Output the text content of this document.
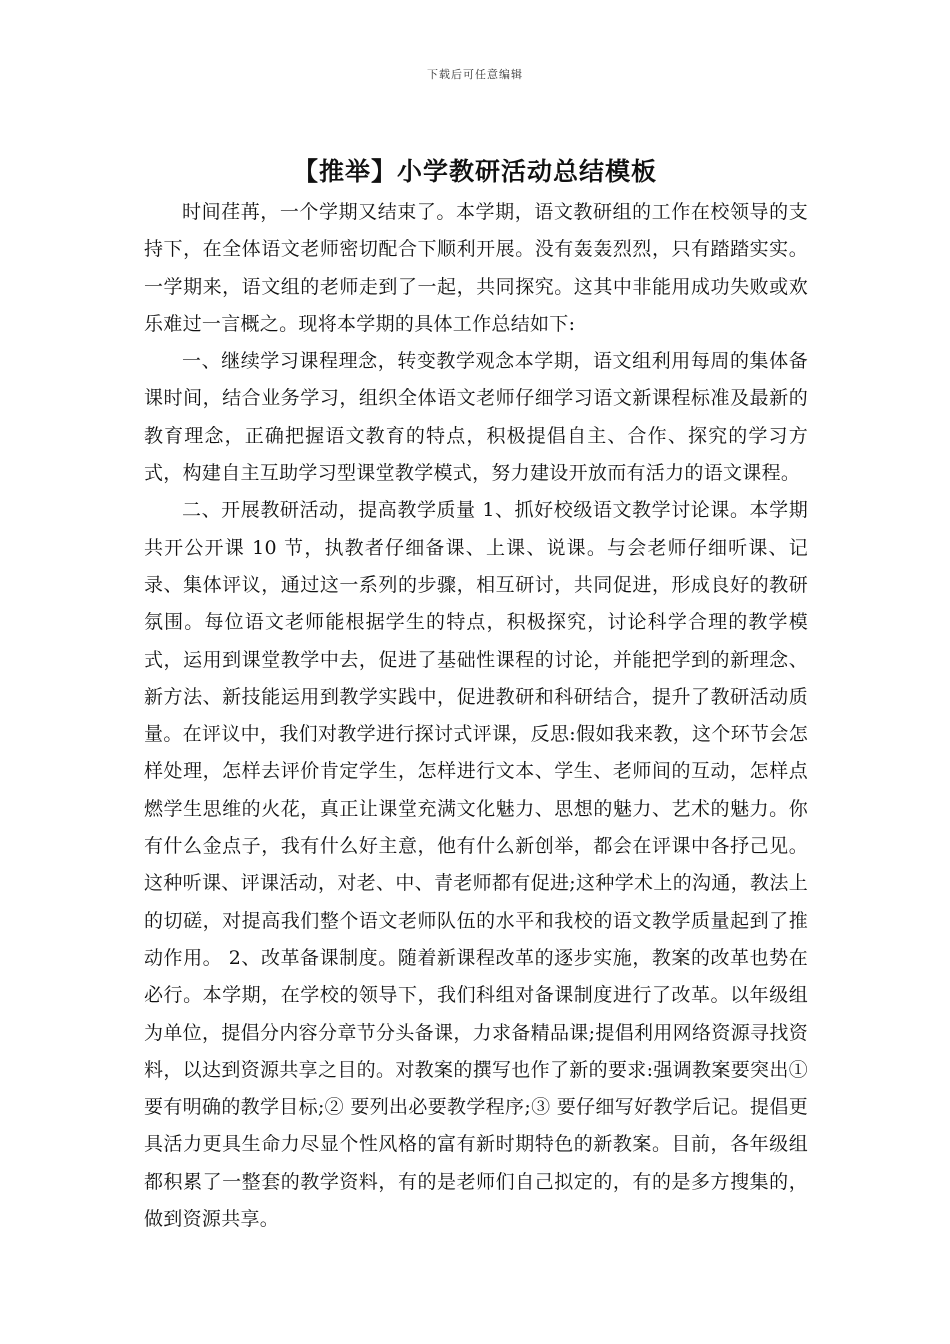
下载后可任意编辑
【推举】小学教研活动总结模板

时间荏苒，一个学期又结束了。本学期，语文教研组的工作在校领导的支持下，在全体语文老师密切配合下顺利开展。没有轰轰烈烈，只有踏踏实实。一学期来，语文组的老师走到了一起，共同探究。这其中非能用成功失败或欢乐难过一言概之。现将本学期的具体工作总结如下:

一、继续学习课程理念，转变教学观念本学期，语文组利用每周的集体备课时间，结合业务学习，组织全体语文老师仔细学习语文新课程标准及最新的教育理念，正确把握语文教育的特点，积极提倡自主、合作、探究的学习方式，构建自主互助学习型课堂教学模式，努力建设开放而有活力的语文课程。

二、开展教研活动，提高教学质量 1、抓好校级语文教学讨论课。本学期共开公开课 10 节，执教者仔细备课、上课、说课。与会老师仔细听课、记录、集体评议，通过这一系列的步骤，相互研讨，共同促进，形成良好的教研氛围。每位语文老师能根据学生的特点，积极探究，讨论科学合理的教学模式，运用到课堂教学中去，促进了基础性课程的讨论，并能把学到的新理念、新方法、新技能运用到教学实践中，促进教研和科研结合，提升了教研活动质量。在评议中，我们对教学进行探讨式评课，反思:假如我来教，这个环节会怎样处理，怎样去评价肯定学生，怎样进行文本、学生、老师间的互动，怎样点燃学生思维的火花，真正让课堂充满文化魅力、思想的魅力、艺术的魅力。你有什么金点子，我有什么好主意，他有什么新创举，都会在评课中各抒己见。这种听课、评课活动，对老、中、青老师都有促进;这种学术上的沟通，教法上的切磋，对提高我们整个语文老师队伍的水平和我校的语文教学质量起到了推动作用。 2、改革备课制度。随着新课程改革的逐步实施，教案的改革也势在必行。本学期，在学校的领导下，我们科组对备课制度进行了改革。以年级组为单位，提倡分内容分章节分头备课，力求备精品课;提倡利用网络资源寻找资料，以达到资源共享之目的。对教案的撰写也作了新的要求:强调教案要突出①要有明确的教学目标;② 要列出必要教学程序;③ 要仔细写好教学后记。提倡更具活力更具生命力尽显个性风格的富有新时期特色的新教案。目前，各年级组都积累了一整套的教学资料，有的是老师们自己拟定的，有的是多方搜集的，做到资源共享。
